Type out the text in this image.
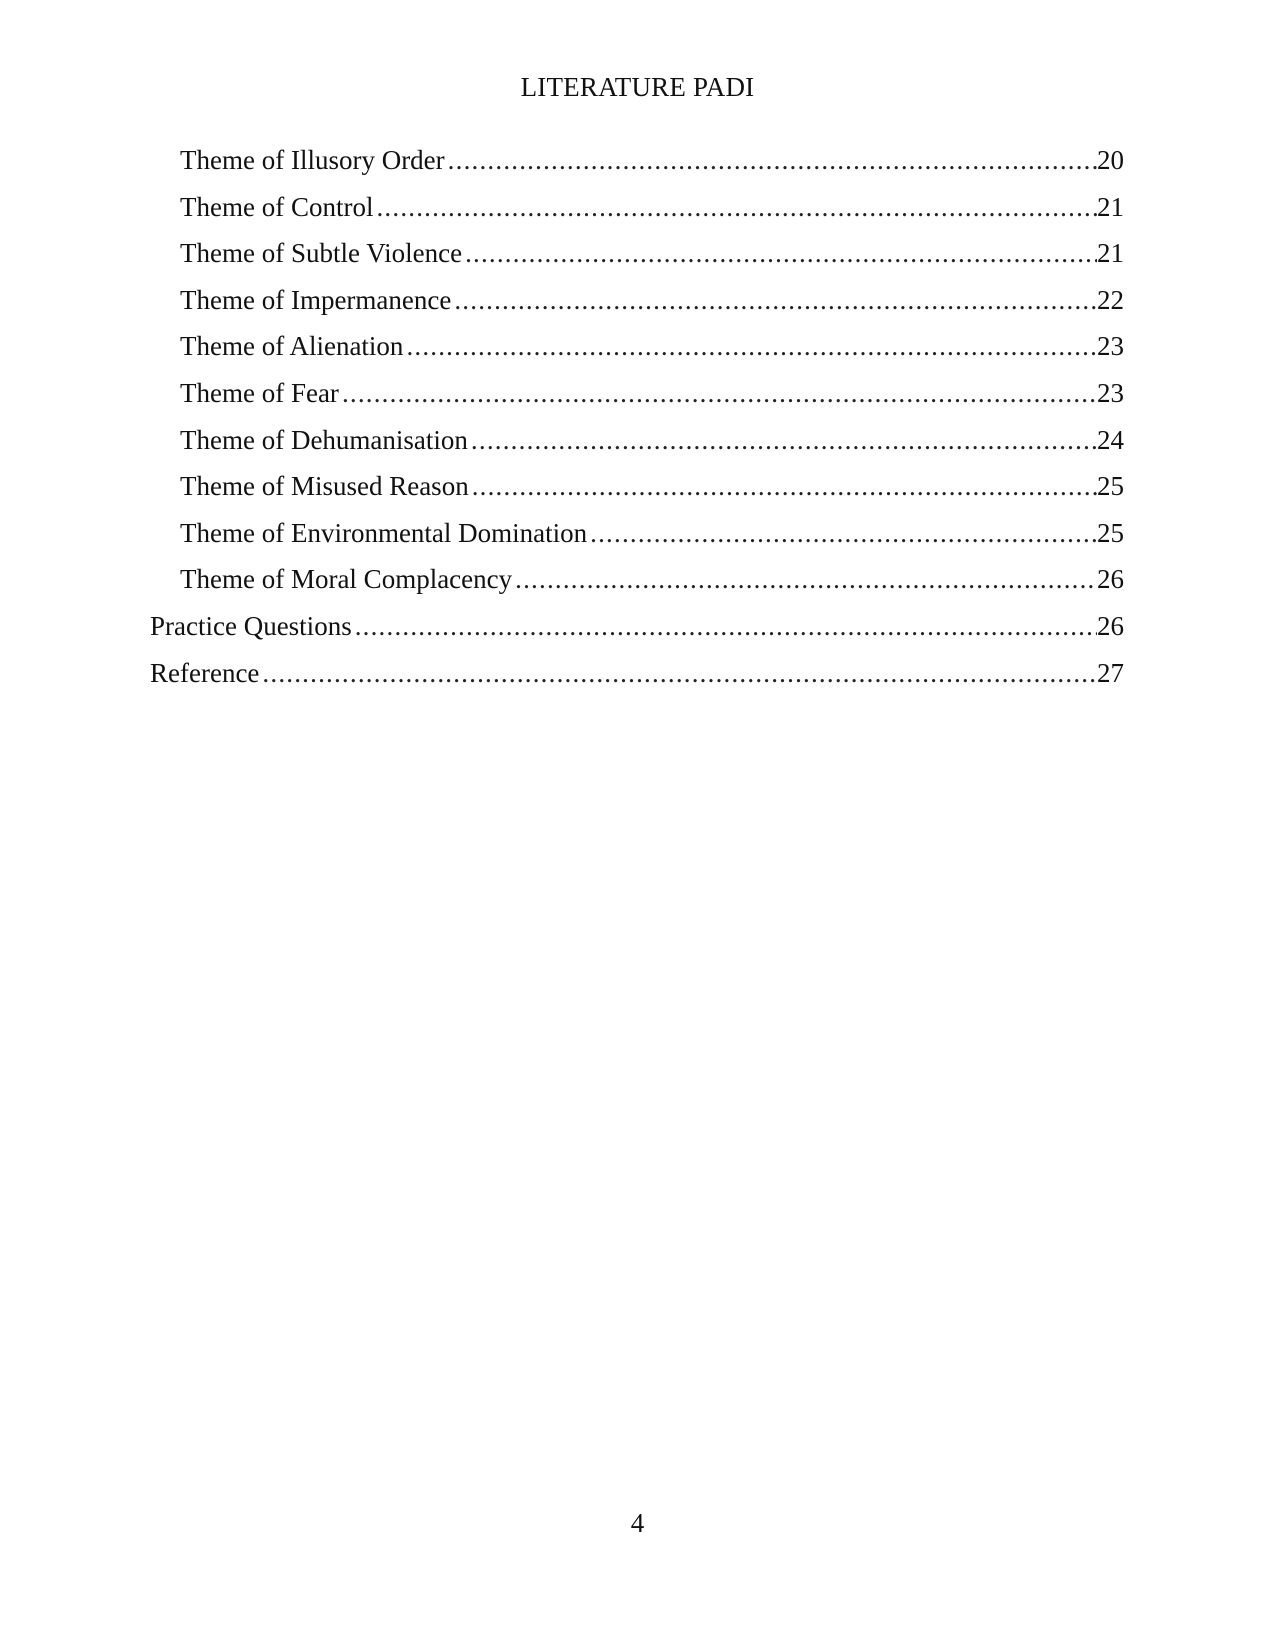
LITERATURE PADI
Theme of Illusory Order .....	20
Theme of Control .....	21
Theme of Subtle Violence .....	21
Theme of Impermanence .....	22
Theme of Alienation .....	23
Theme of Fear .....	23
Theme of Dehumanisation .....	24
Theme of Misused Reason .....	25
Theme of Environmental Domination .....	25
Theme of Moral Complacency .....	26
Practice Questions .....	26
Reference .....	27
4
